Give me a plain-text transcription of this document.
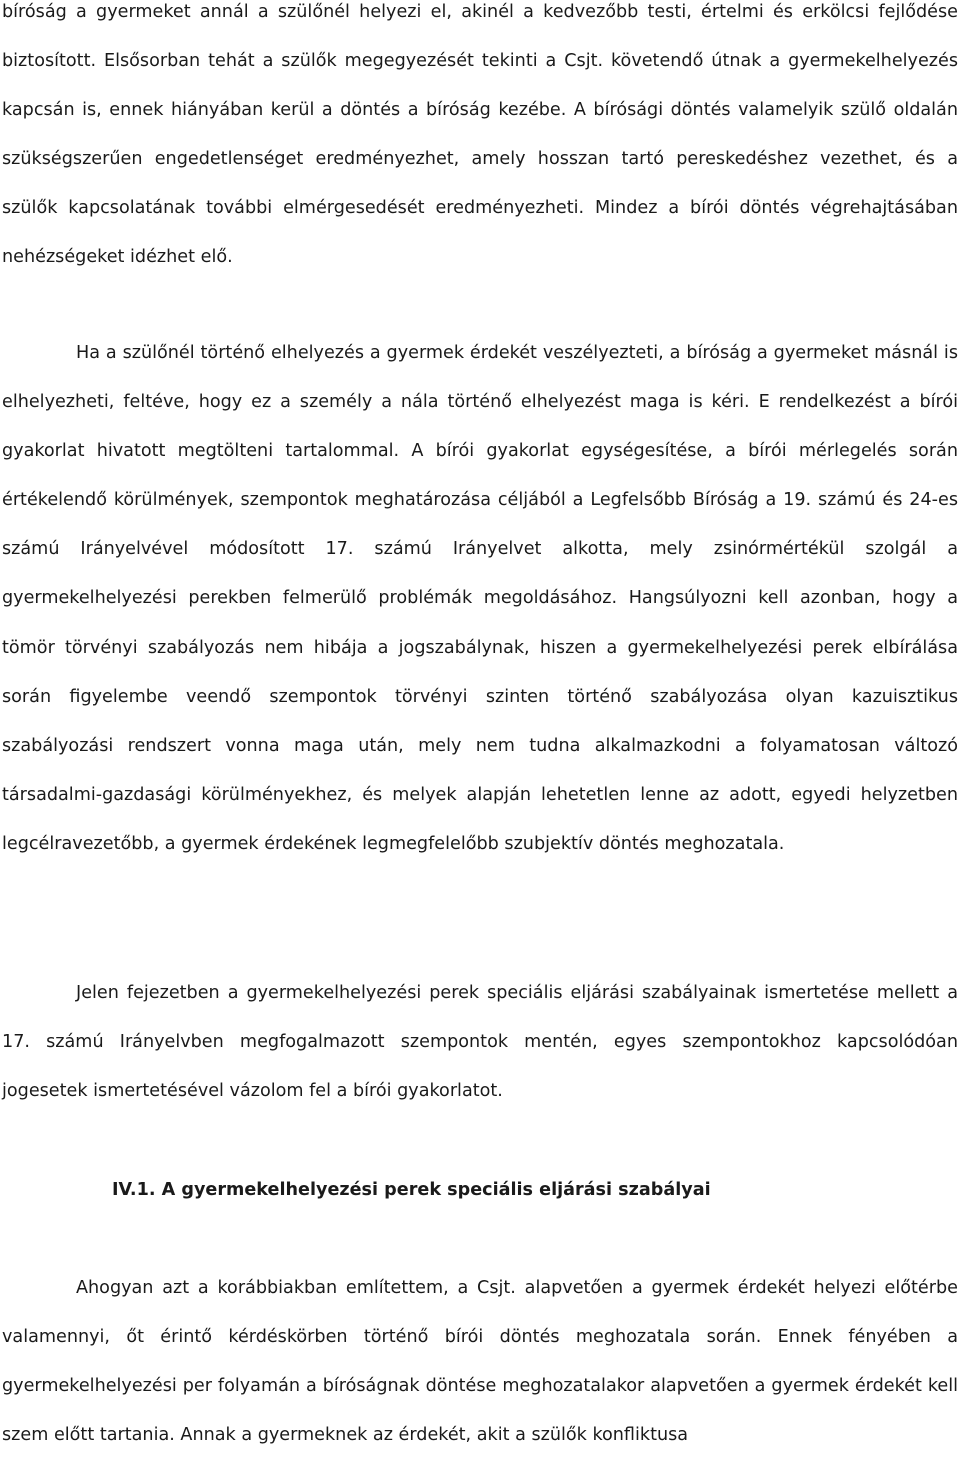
bíróság a gyermeket annál a szülőnél helyezi el, akinél a kedvezőbb testi, értelmi és erkölcsi fejlődése biztosított. Elsősorban tehát a szülők megegyezését tekinti a Csjt. követendő útnak a gyermekelhelyezés kapcsán is, ennek hiányában kerül a döntés a bíróság kezébe. A bírósági döntés valamelyik szülő oldalán szükségszerűen engedetlenséget eredményezhet, amely hosszan tartó pereskedéshez vezethet, és a szülők kapcsolatának további elmérgesedését eredményezheti. Mindez a bírói döntés végrehajtásában nehézségeket idézhet elő.

Ha a szülőnél történő elhelyezés a gyermek érdekét veszélyezteti, a bíróság a gyermeket másnál is elhelyezheti, feltéve, hogy ez a személy a nála történő elhelyezést maga is kéri. E rendelkezést a bírói gyakorlat hivatott megtölteni tartalommal. A bírói gyakorlat egységesítése, a bírói mérlegelés során értékelendő körülmények, szempontok meghatározása céljából a Legfelsőbb Bíróság a 19. számú és 24-es számú Irányelvével módosított 17. számú Irányelvet alkotta, mely zsinórmértékül szolgál a gyermekelhelyezési perekben felmerülő problémák megoldásához. Hangsúlyozni kell azonban, hogy a tömör törvényi szabályozás nem hibája a jogszabálynak, hiszen a gyermekelhelyezési perek elbírálása során figyelembe veendő szempontok törvényi szinten történő szabályozása olyan kazuisztikus szabályozási rendszert vonna maga után, mely nem tudna alkalmazkodni a folyamatosan változó társadalmi-gazdasági körülményekhez, és melyek alapján lehetetlen lenne az adott, egyedi helyzetben legcélravezetőbb, a gyermek érdekének legmegfelelőbb szubjektív döntés meghozatala.

Jelen fejezetben a gyermekelhelyezési perek speciális eljárási szabályainak ismertetése mellett a 17. számú Irányelvben megfogalmazott szempontok mentén, egyes szempontokhoz kapcsolódóan jogesetek ismertetésével vázolom fel a bírói gyakorlatot.

IV.1. A gyermekelhelyezési perek speciális eljárási szabályai

Ahogyan azt a korábbiakban említettem, a Csjt. alapvetően a gyermek érdekét helyezi előtérbe valamennyi, őt érintő kérdéskörben történő bírói döntés meghozatala során. Ennek fényében a gyermekelhelyezési per folyamán a bíróságnak döntése meghozatalakor alapvetően a gyermek érdekét kell szem előtt tartania. Annak a gyermeknek az érdekét, akit a szülők konfliktusa
